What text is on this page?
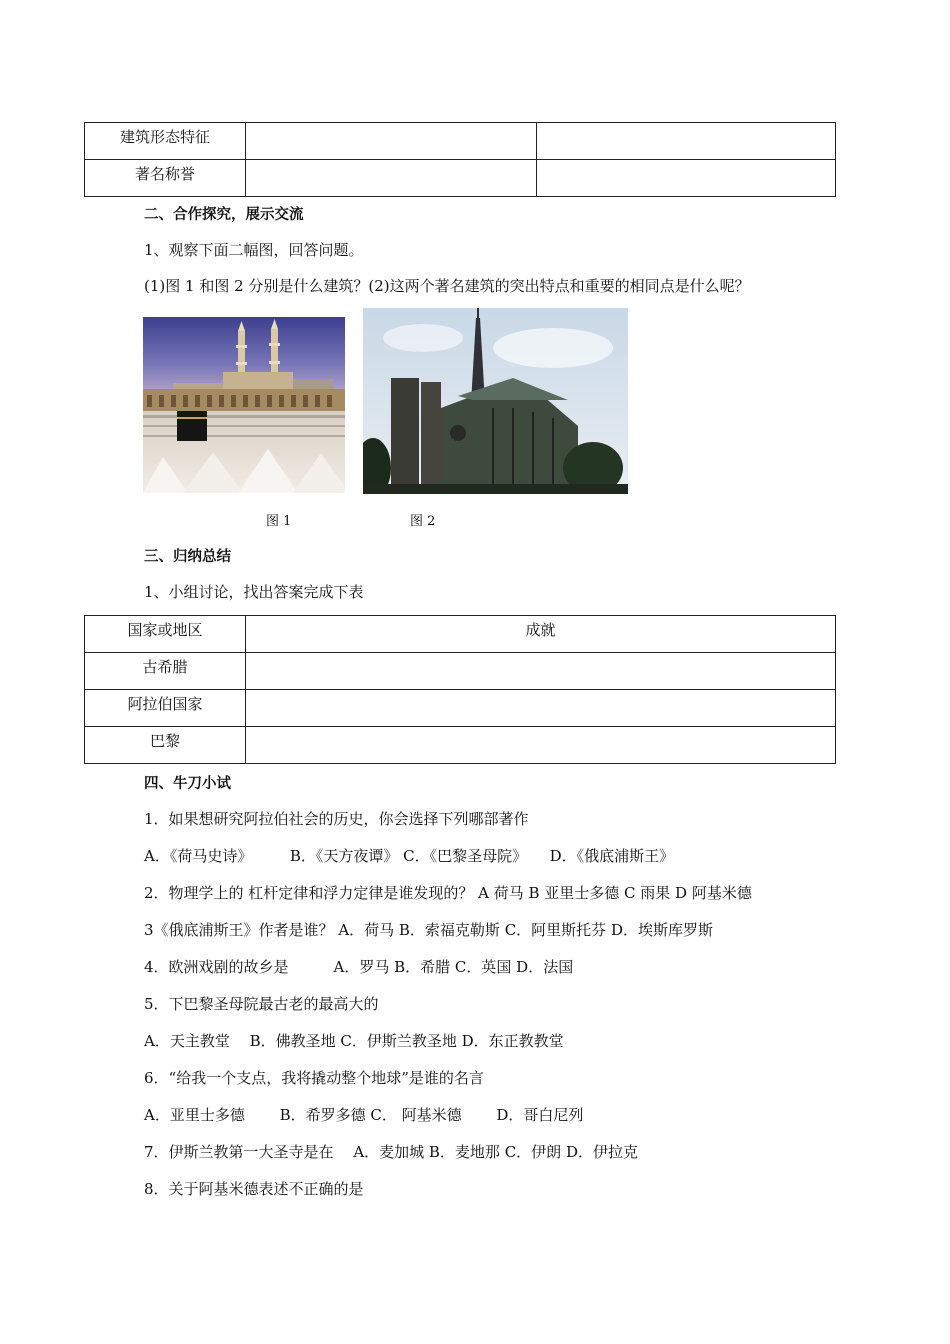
建筑形态特征		
著名称誉		
二、合作探究，展示交流
1、观察下面二幅图，回答问题。
(1)图 1 和图 2 分别是什么建筑？(2)这两个著名建筑的突出特点和重要的相同点是什么呢？
图 1	图 2
三、归纳总结
1、小组讨论，找出答案完成下表
国家或地区	成就
古希腊	
阿拉伯国家	
巴黎	
四、牛刀小试
1．如果想研究阿拉伯社会的历史，你会选择下列哪部著作
A．《荷马史诗》　　　B．《天方夜谭》 C．《巴黎圣母院》　　D．《俄底浦斯王》
2．物理学上的 杠杆定律和浮力定律是谁发现的？ A 荷马 B 亚里士多德 C 雨果 D 阿基米德
3《俄底浦斯王》作者是谁？ A．荷马 B．索福克勒斯 C．阿里斯托芬 D．埃斯库罗斯
4．欧洲戏剧的故乡是　　　A．罗马 B．希腊 C．英国 D．法国
5．下巴黎圣母院最古老的最高大的
A．天主教堂　 B．佛教圣地 C．伊斯兰教圣地 D．东正教教堂
6．“给我一个支点，我将撬动整个地球”是谁的名言
A．亚里士多德　　 B．希罗多德 C． 阿基米德　　 D．哥白尼列
7．伊斯兰教第一大圣寺是在　 A．麦加城 B．麦地那 C．伊朗 D．伊拉克
8．关于阿基米德表述不正确的是
